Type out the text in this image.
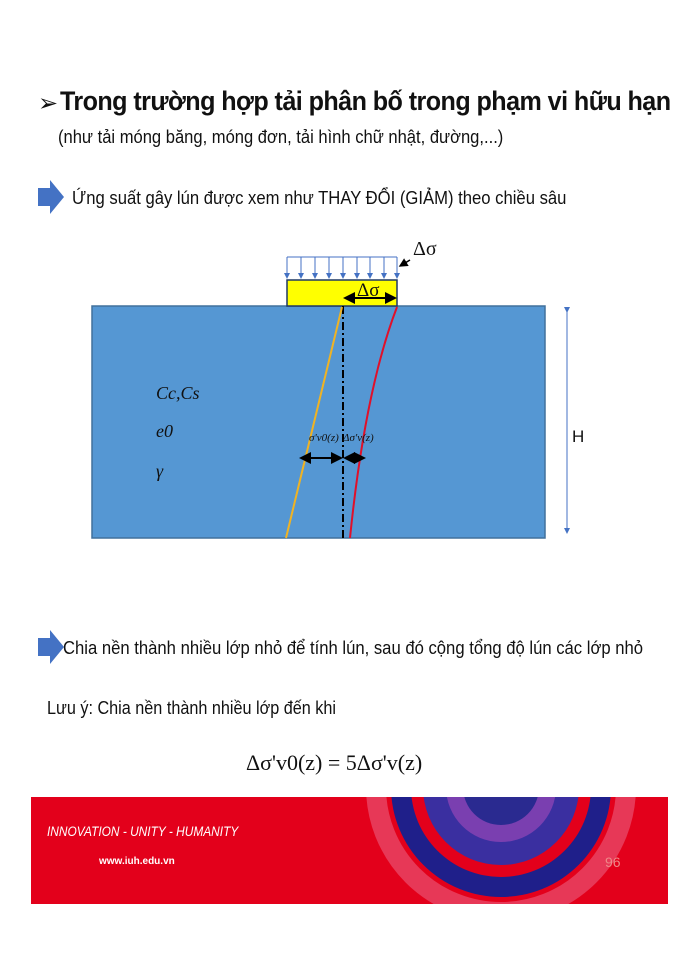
➢ Trong trường hợp tải phân bố trong phạm vi hữu hạn
(như tải móng băng, móng đơn, tải hình chữ nhật, đường,...)
Ứng suất gây lún được xem như THAY ĐỔI (GIẢM) theo chiều sâu
Δσ
Δσ
Cc,Cs
e0
γ
σ'v0(z) Δσ'v(z)	H
Chia nền thành nhiều lớp nhỏ để tính lún, sau đó cộng tổng độ lún các lớp nhỏ
Lưu ý: Chia nền thành nhiều lớp đến khi
Δσ'v0(z) = 5Δσ'v(z)
INNOVATION - UNITY - HUMANITY
www.iuh.edu.vn	96
